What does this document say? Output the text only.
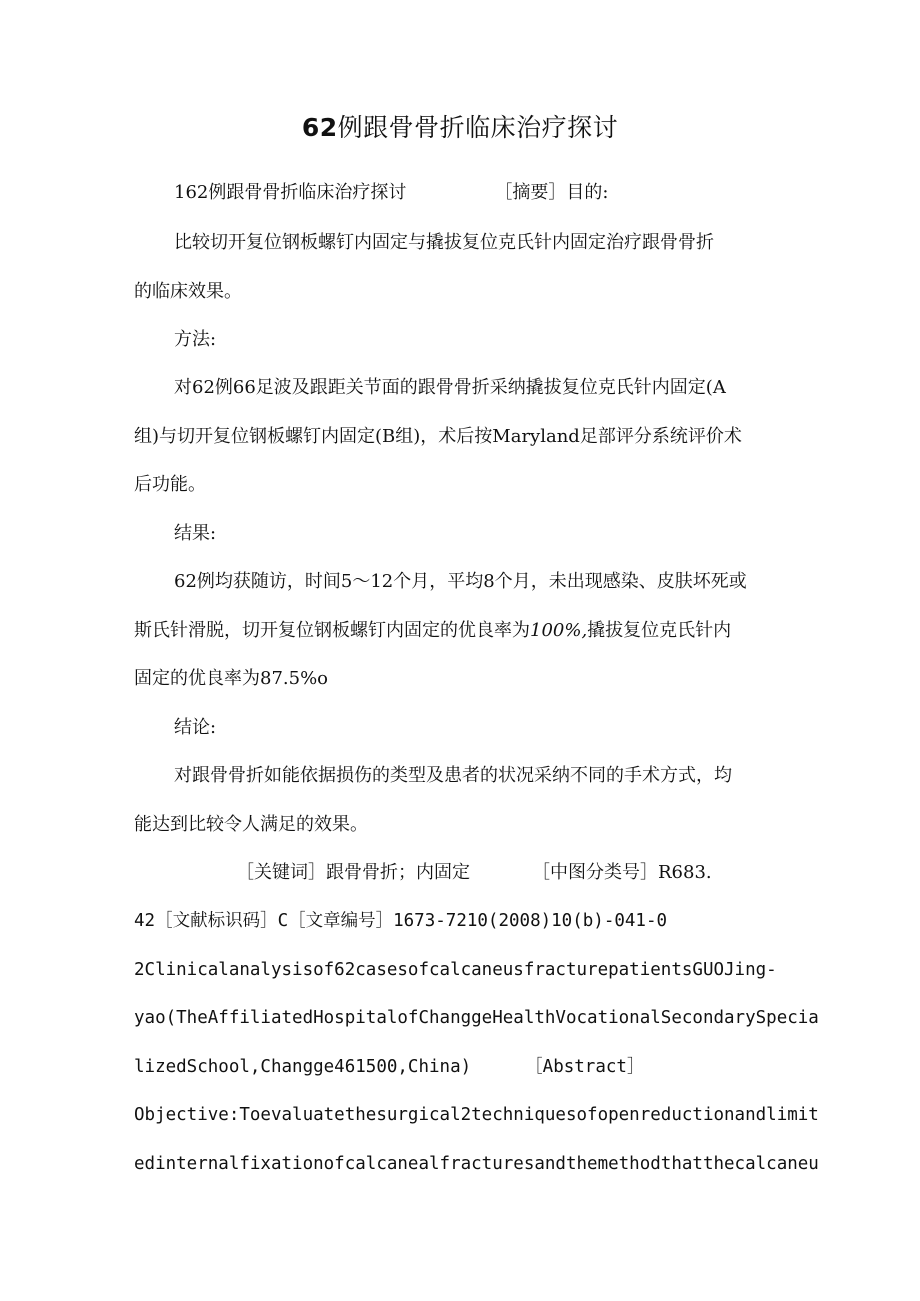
62例跟骨骨折临床治疗探讨

162例跟骨骨折临床治疗探讨	［摘要］目的:

比较切开复位钢板螺钉内固定与撬拔复位克氏针内固定治疗跟骨骨折

的临床效果。

方法:

对62例66足波及跟距关节面的跟骨骨折采纳撬拔复位克氏针内固定(A

组)与切开复位钢板螺钉内固定(B组)，术后按Maryland足部评分系统评价术

后功能。

结果:

62例均获随访，时间5～12个月，平均8个月，未出现感染、皮肤坏死或

斯氏针滑脱，切开复位钢板螺钉内固定的优良率为100%,撬拔复位克氏针内

固定的优良率为87.5%o

结论:

对跟骨骨折如能依据损伤的类型及患者的状况采纳不同的手术方式，均

能达到比较令人满足的效果。

［关键词］跟骨骨折；内固定	［中图分类号］R683.

42［文献标识码］C［文章编号］1673-7210(2008)10(b)-041-0

2Clinicalanalysisof62casesofcalcaneusfracturepatientsGUOJing-

yao(TheAffiliatedHospitalofChanggeHealthVocationalSecondarySpecia

lizedSchool,Changge461500,China)	［Abstract］

Objective:Toevaluatethesurgical2techniquesofopenreductionandlimit

edinternalfixationofcalcanealfracturesandthemethodthatthecalcaneu
